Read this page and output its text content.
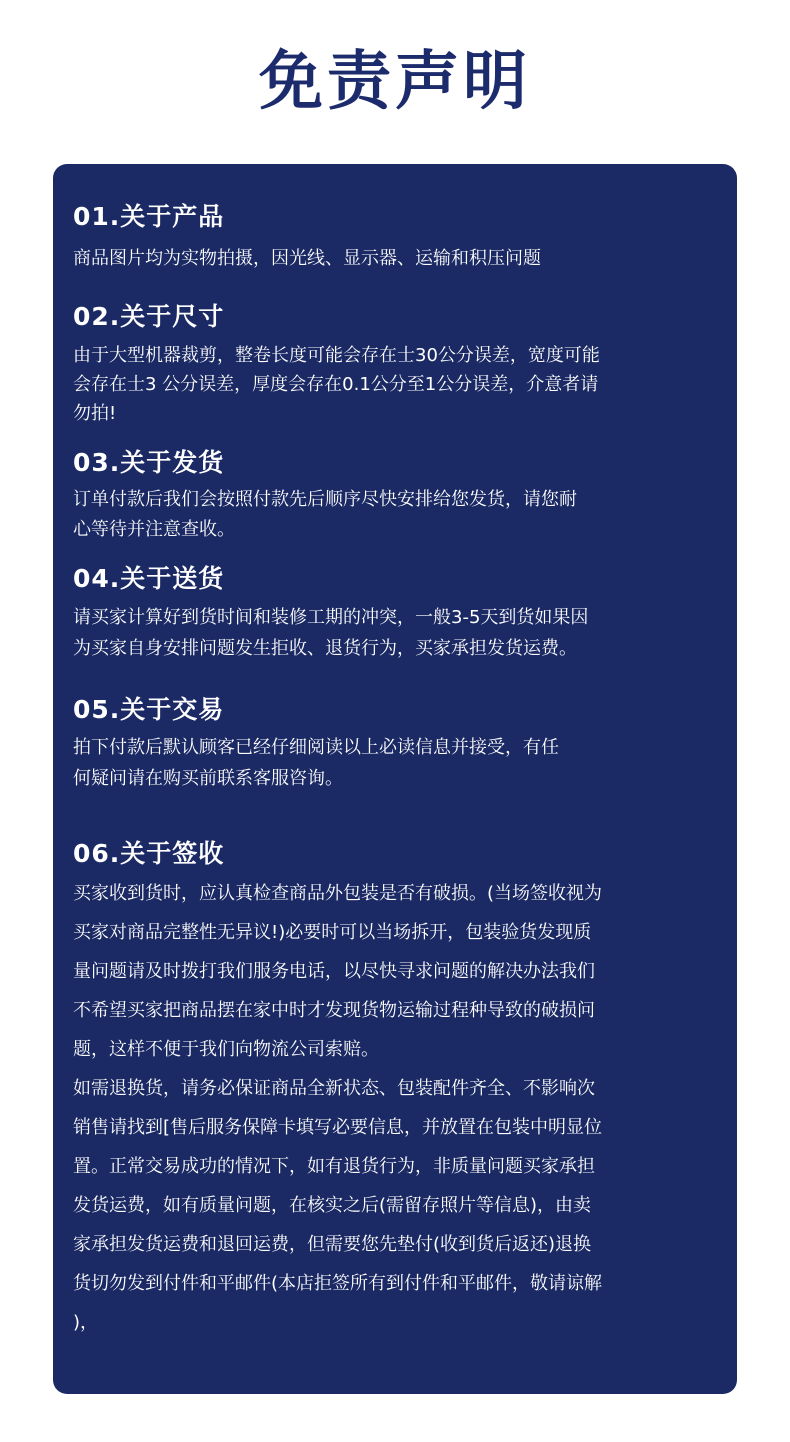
免责声明
01.关于产品
商品图片均为实物拍摄，因光线、显示器、运输和积压问题
02.关于尺寸
由于大型机器裁剪，整卷长度可能会存在士30公分误差，宽度可能
会存在士3 公分误差，厚度会存在0.1公分至1公分误差，介意者请
勿拍!
03.关于发货
订单付款后我们会按照付款先后顺序尽快安排给您发货，请您耐
心等待并注意查收。
04.关于送货
请买家计算好到货时间和装修工期的冲突，一般3-5天到货如果因
为买家自身安排问题发生拒收、退货行为，买家承担发货运费。
05.关于交易
拍下付款后默认顾客已经仔细阅读以上必读信息并接受，有任
何疑问请在购买前联系客服咨询。
06.关于签收
买家收到货时，应认真检查商品外包装是否有破损。(当场签收视为
买家对商品完整性无异议!)必要时可以当场拆开，包装验货发现质
量问题请及时拨打我们服务电话，以尽快寻求问题的解决办法我们
不希望买家把商品摆在家中时才发现货物运输过程种导致的破损问
题，这样不便于我们向物流公司索赔。
如需退换货，请务必保证商品全新状态、包装配件齐全、不影响次
销售请找到[售后服务保障卡填写必要信息，并放置在包装中明显位
置。正常交易成功的情况下，如有退货行为，非质量问题买家承担
发货运费，如有质量问题，在核实之后(需留存照片等信息)，由卖
家承担发货运费和退回运费，但需要您先垫付(收到货后返还)退换
货切勿发到付件和平邮件(本店拒签所有到付件和平邮件，敬请谅解
)，
